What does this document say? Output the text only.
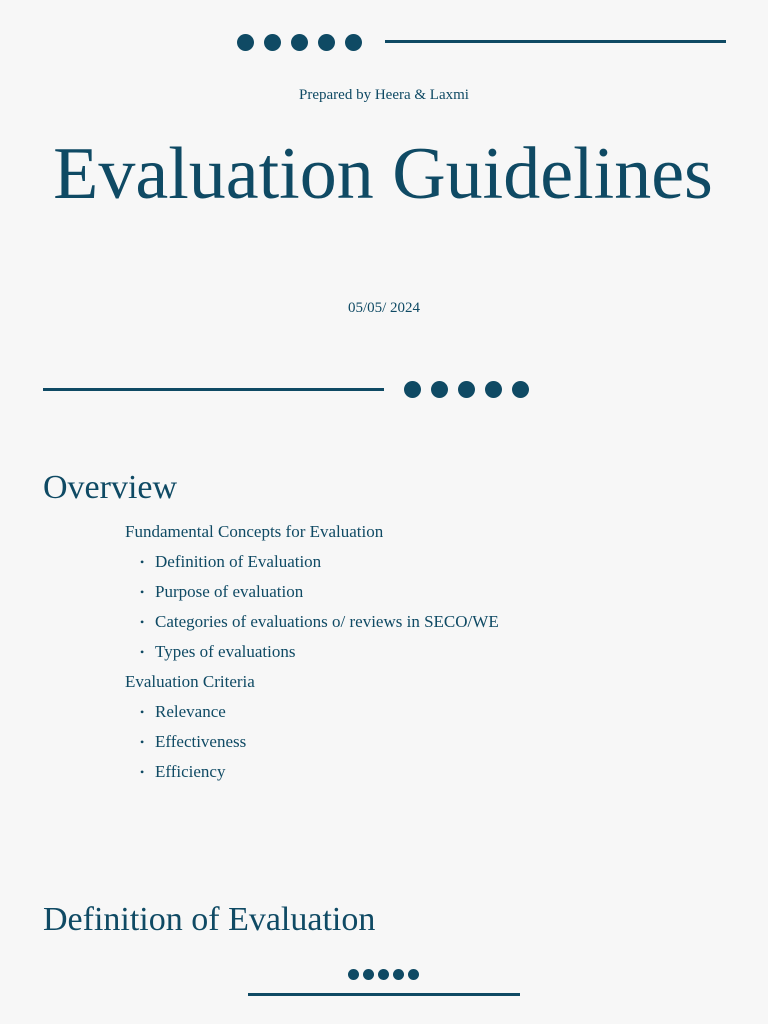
Prepared by Heera & Laxmi
Evaluation Guidelines
05/05/ 2024
Overview
Fundamental Concepts for Evaluation
• Definition of Evaluation
• Purpose of evaluation
• Categories of evaluations o/ reviews in SECO/WE
• Types of evaluations
Evaluation Criteria
• Relevance
• Effectiveness
• Efficiency
Definition of Evaluation
